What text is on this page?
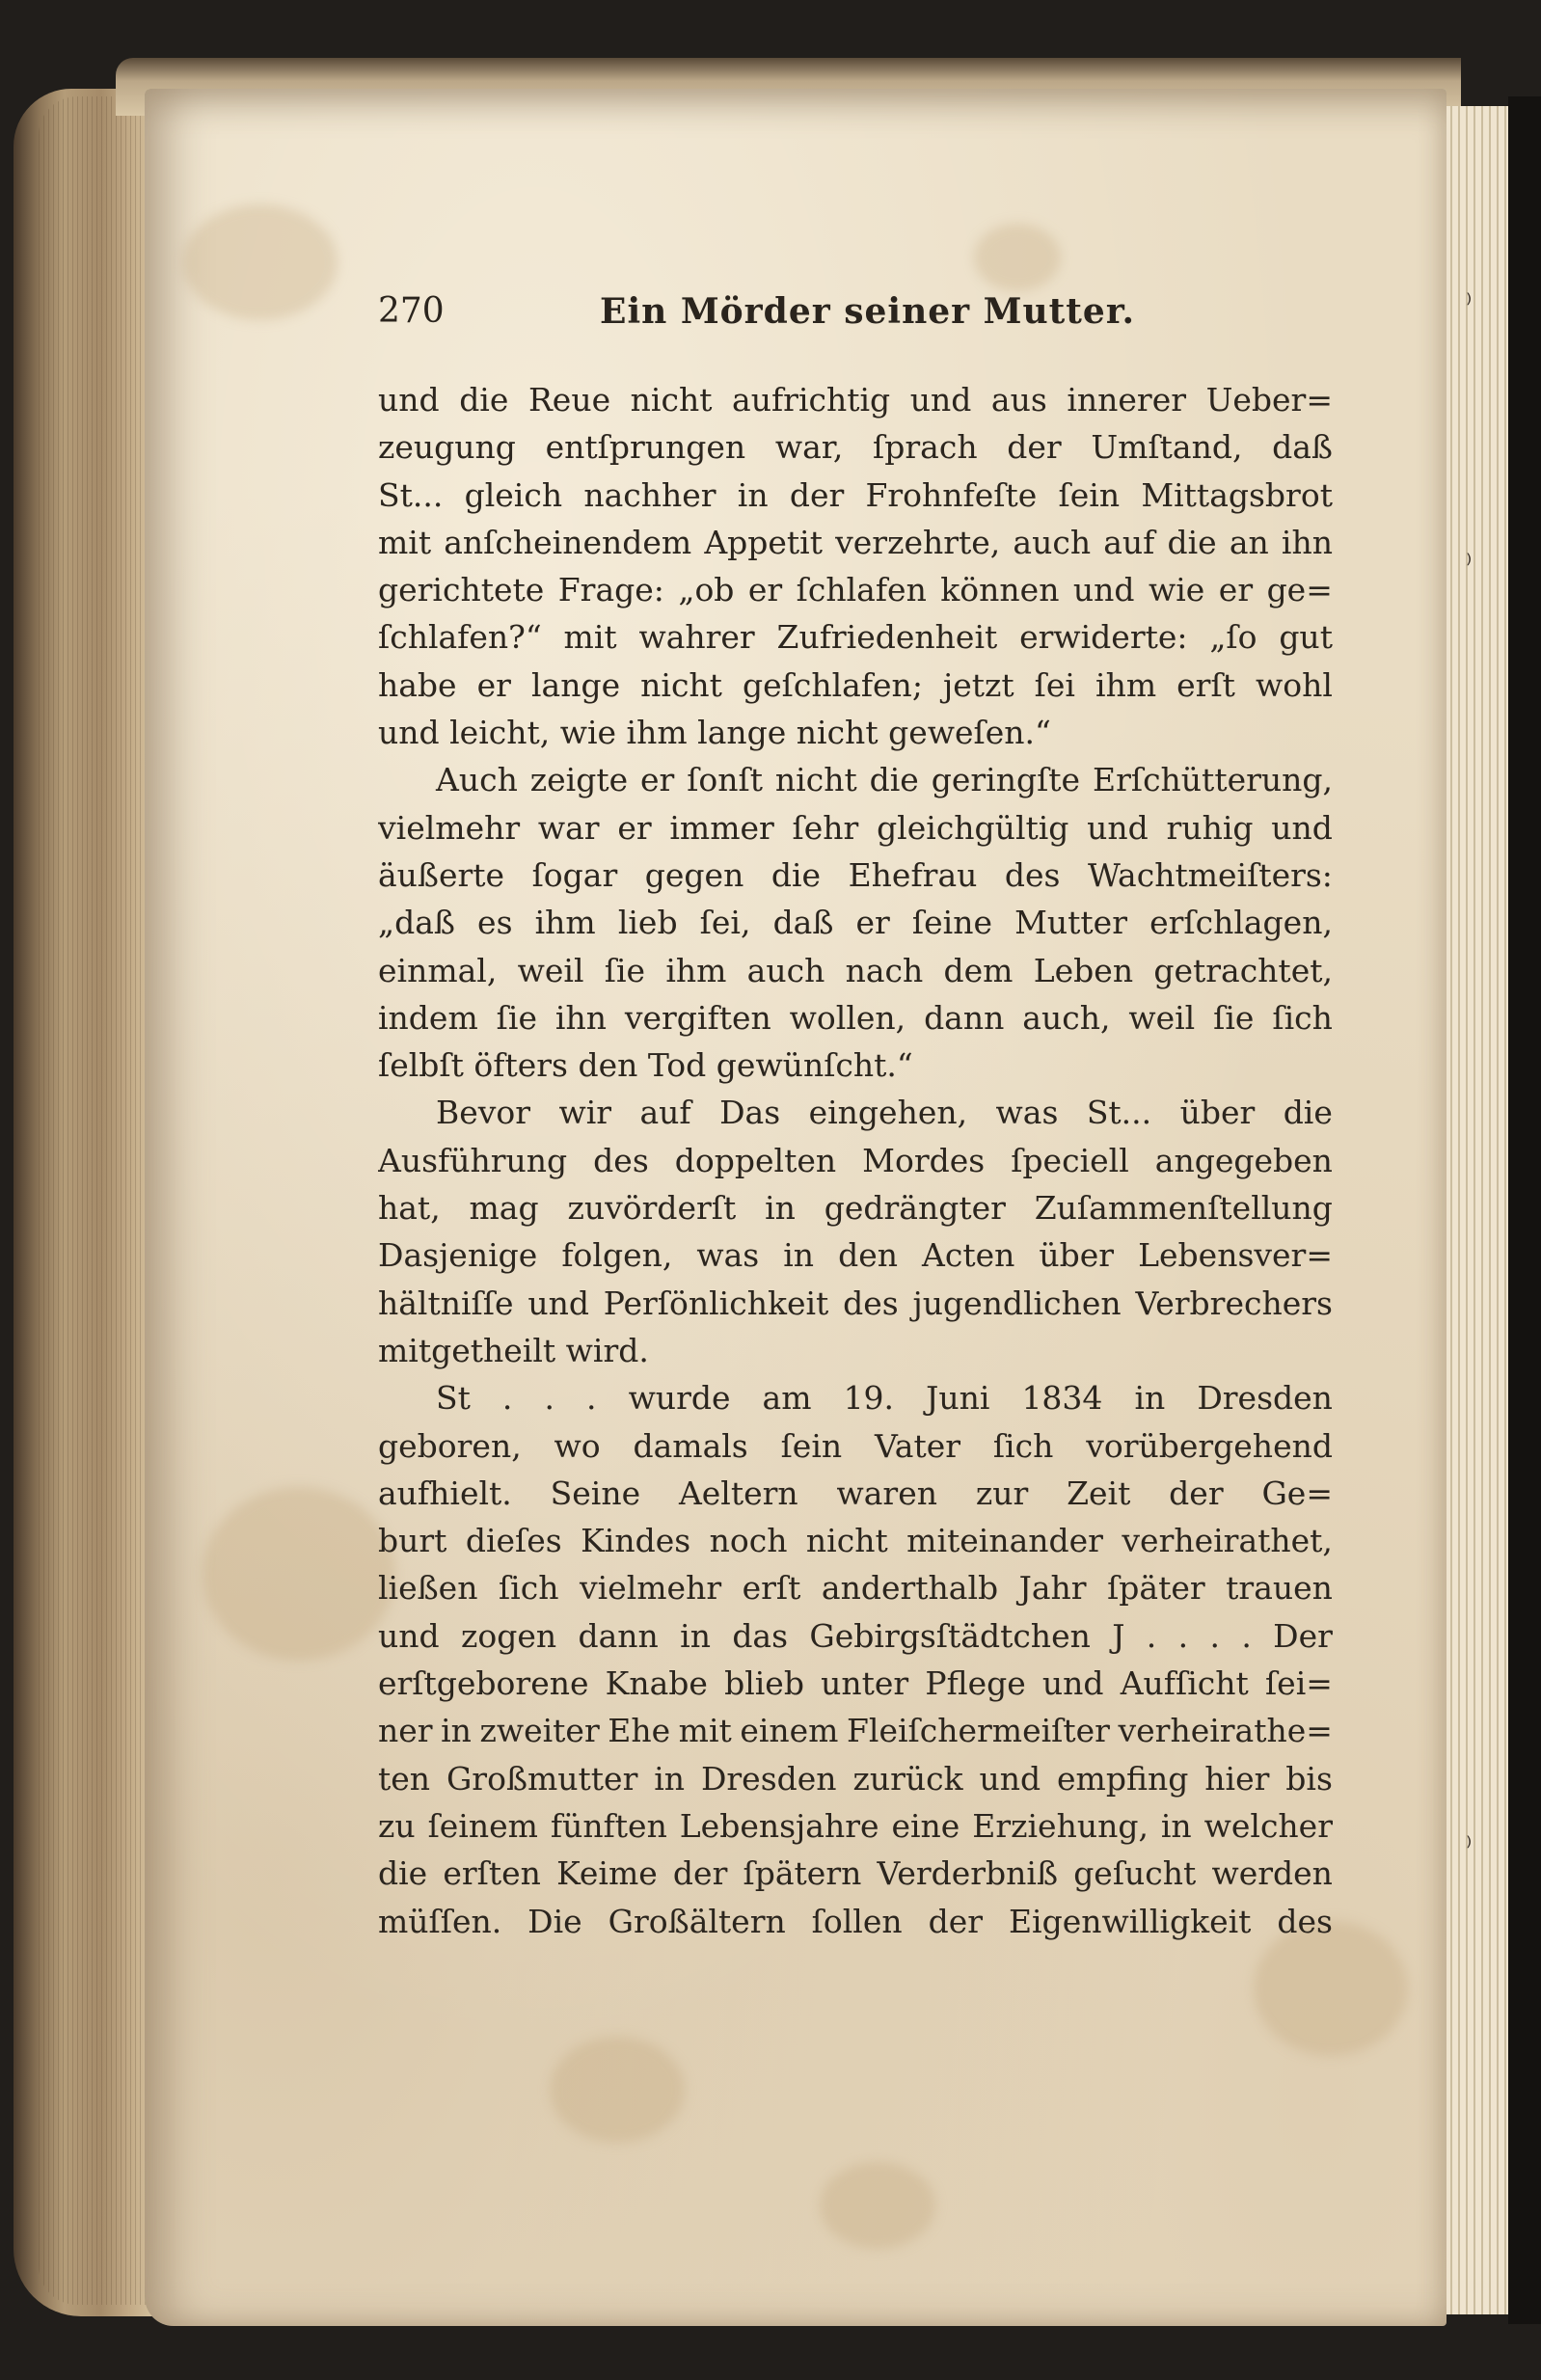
270	Ein Mörder seiner Mutter.
und die Reue nicht aufrichtig und aus innerer Ueber=
zeugung entſprungen war, ſprach der Umſtand, daß
St... gleich nachher in der Frohnfeſte ſein Mittagsbrot
mit anſcheinendem Appetit verzehrte, auch auf die an ihn
gerichtete Frage: „ob er ſchlafen können und wie er ge=
ſchlafen?“ mit wahrer Zufriedenheit erwiderte: „ſo gut
habe er lange nicht geſchlafen; jetzt ſei ihm erſt wohl
und leicht, wie ihm lange nicht geweſen.“
Auch zeigte er ſonſt nicht die geringſte Erſchütterung,
vielmehr war er immer ſehr gleichgültig und ruhig und
äußerte ſogar gegen die Ehefrau des Wachtmeiſters:
„daß es ihm lieb ſei, daß er ſeine Mutter erſchlagen,
einmal, weil ſie ihm auch nach dem Leben getrachtet,
indem ſie ihn vergiften wollen, dann auch, weil ſie ſich
ſelbſt öfters den Tod gewünſcht.“
Bevor wir auf Das eingehen, was St... über die
Ausführung des doppelten Mordes ſpeciell angegeben
hat, mag zuvörderſt in gedrängter Zuſammenſtellung
Dasjenige folgen, was in den Acten über Lebensver=
hältniſſe und Perſönlichkeit des jugendlichen Verbrechers
mitgetheilt wird.
St . . . wurde am 19. Juni 1834 in Dresden
geboren, wo damals ſein Vater ſich vorübergehend
aufhielt. Seine Aeltern waren zur Zeit der Ge=
burt dieſes Kindes noch nicht miteinander verheirathet,
ließen ſich vielmehr erſt anderthalb Jahr ſpäter trauen
und zogen dann in das Gebirgsſtädtchen J . . . . Der
erſtgeborene Knabe blieb unter Pflege und Aufſicht ſei=
ner in zweiter Ehe mit einem Fleiſchermeiſter verheirathe=
ten Großmutter in Dresden zurück und empfing hier bis
zu ſeinem fünften Lebensjahre eine Erziehung, in welcher
die erſten Keime der ſpätern Verderbniß geſucht werden
müſſen. Die Großältern ſollen der Eigenwilligkeit des
⁾
⁾
⁾
